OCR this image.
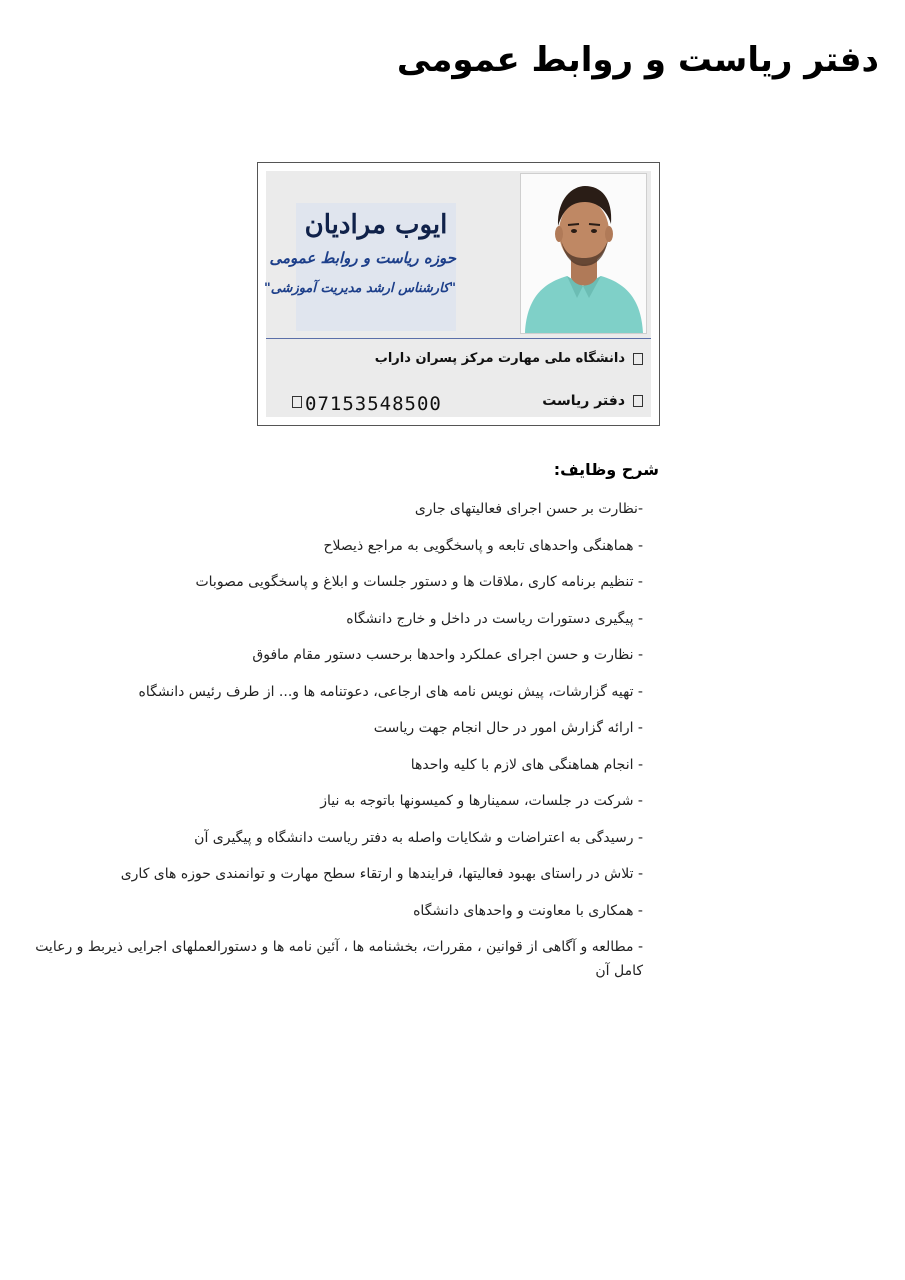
دفتر ریاست و روابط عمومی
ایوب مرادیان
حوزه ریاست و روابط عمومی
"کارشناس ارشد مدیریت آموزشی"
دانشگاه ملی مهارت مرکز پسران داراب
دفتر ریاست
07153548500
شرح وظایف:
-نظارت بر حسن اجرای فعالیتهای جاری
- هماهنگی واحدهای تابعه و پاسخگویی به مراجع ذیصلاح
- تنظیم برنامه کاری ،ملاقات ها و دستور جلسات و ابلاغ و پاسخگویی مصوبات
- پیگیری دستورات ریاست در داخل و خارج دانشگاه
- نظارت و حسن اجرای عملکرد واحدها برحسب دستور مقام مافوق
- تهیه گزارشات، پیش نویس نامه های ارجاعی، دعوتنامه ها و... از طرف رئیس دانشگاه
- ارائه گزارش امور در حال انجام جهت ریاست
- انجام هماهنگی های لازم با کلیه واحدها
- شرکت در جلسات، سمینارها و کمیسونها باتوجه به نیاز
- رسیدگی به اعتراضات و شکایات واصله به دفتر ریاست دانشگاه و پیگیری آن
- تلاش در راستای بهبود فعالیتها، فرایندها و ارتقاء سطح مهارت و توانمندی حوزه های کاری
- همکاری با معاونت و واحدهای دانشگاه
- مطالعه و آگاهی از قوانین ، مقررات، بخشنامه ها ، آئین نامه ها و دستورالعملهای اجرایی ذیربط و رعایت کامل آن
